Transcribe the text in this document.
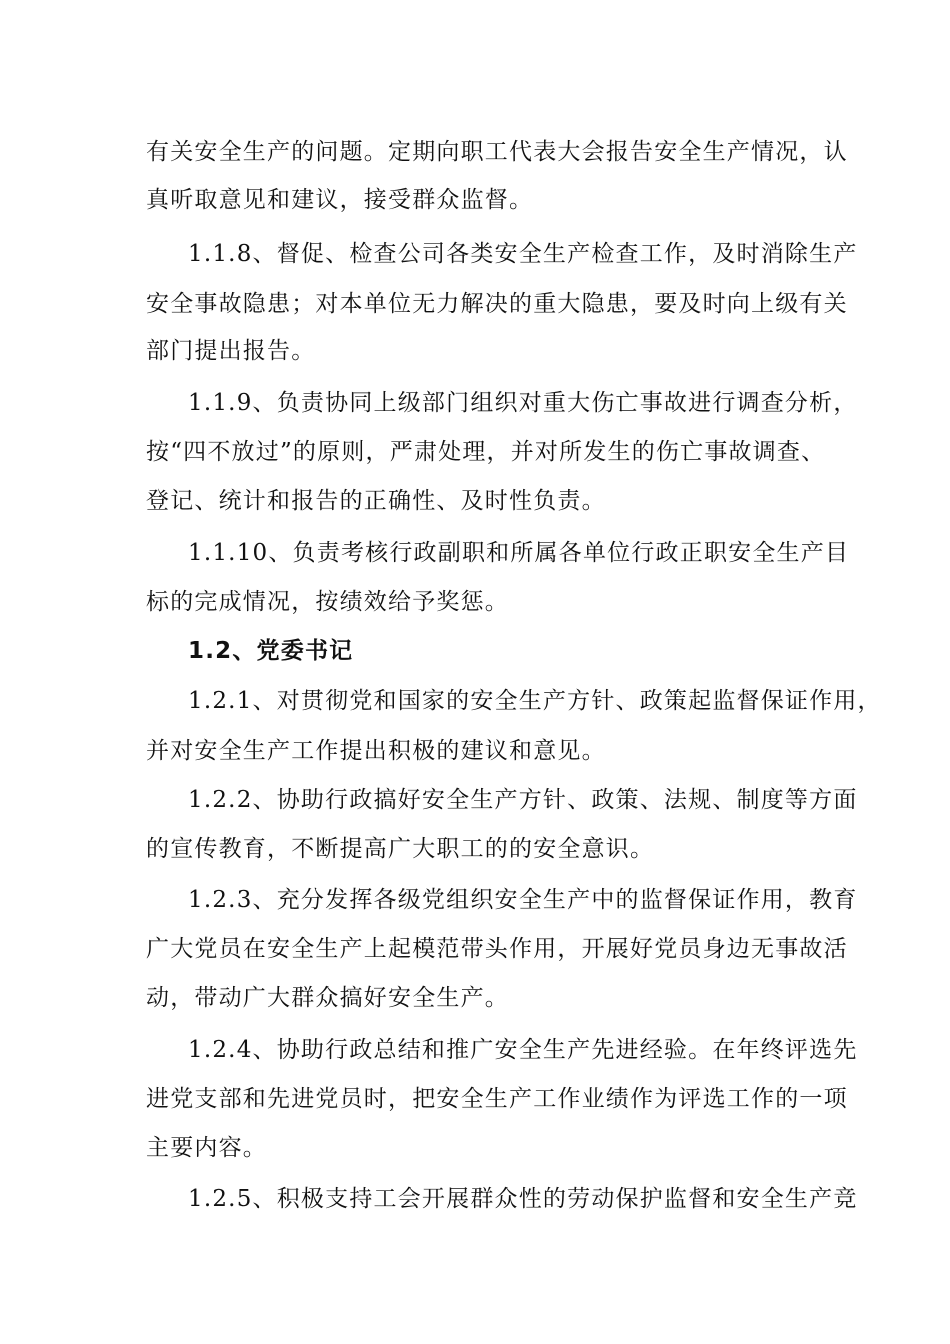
有关安全生产的问题。定期向职工代表大会报告安全生产情况，认
真听取意见和建议，接受群众监督。
1.1.8、督促、检查公司各类安全生产检查工作，及时消除生产
安全事故隐患；对本单位无力解决的重大隐患，要及时向上级有关
部门提出报告。
1.1.9、负责协同上级部门组织对重大伤亡事故进行调查分析，
按“四不放过”的原则，严肃处理，并对所发生的伤亡事故调查、
登记、统计和报告的正确性、及时性负责。
1.1.10、负责考核行政副职和所属各单位行政正职安全生产目
标的完成情况，按绩效给予奖惩。
1.2、党委书记
1.2.1、对贯彻党和国家的安全生产方针、政策起监督保证作用，
并对安全生产工作提出积极的建议和意见。
1.2.2、协助行政搞好安全生产方针、政策、法规、制度等方面
的宣传教育，不断提高广大职工的的安全意识。
1.2.3、充分发挥各级党组织安全生产中的监督保证作用，教育
广大党员在安全生产上起模范带头作用，开展好党员身边无事故活
动，带动广大群众搞好安全生产。
1.2.4、协助行政总结和推广安全生产先进经验。在年终评选先
进党支部和先进党员时，把安全生产工作业绩作为评选工作的一项
主要内容。
1.2.5、积极支持工会开展群众性的劳动保护监督和安全生产竞
